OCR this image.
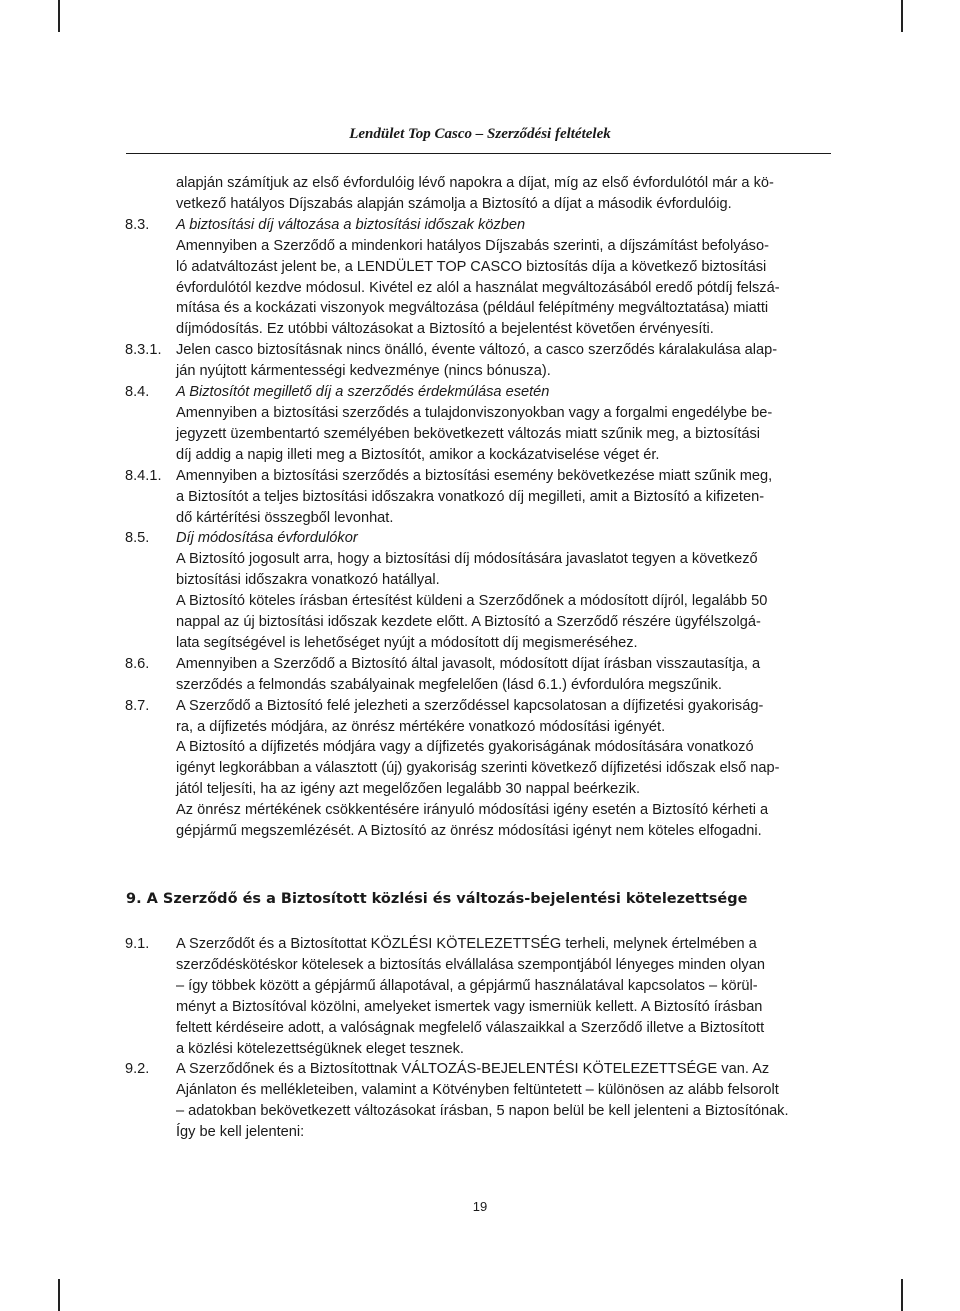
Lendület Top Casco – Szerződési feltételek
alapján számítjuk az első évfordulóig lévő napokra a díjat, míg az első évfordulótól már a kö-
vetkező hatályos Díjszabás alapján számolja a Biztosító a díjat a második évfordulóig.
8.3. A biztosítási díj változása a biztosítási időszak közben
Amennyiben a Szerződő a mindenkori hatályos Díjszabás szerinti, a díjszámítást befolyáso-
ló adatváltozást jelent be, a LENDÜLET TOP CASCO biztosítás díja a következő biztosítási
évfordulótól kezdve módosul. Kivétel ez alól a használat megváltozásából eredő pótdíj felszá-
mítása és a kockázati viszonyok megváltozása (például felépítmény megváltoztatása) miatti
díjmódosítás. Ez utóbbi változásokat a Biztosító a bejelentést követően érvényesíti.
8.3.1. Jelen casco biztosításnak nincs önálló, évente változó, a casco szerződés káralakulása alap-
ján nyújtott kármentességi kedvezménye (nincs bónusza).
8.4. A Biztosítót megillető díj a szerződés érdekmúlása esetén
Amennyiben a biztosítási szerződés a tulajdonviszonyokban vagy a forgalmi engedélybe be-
jegyzett üzembentartó személyében bekövetkezett változás miatt szűnik meg, a biztosítási
díj addig a napig illeti meg a Biztosítót, amikor a kockázatviselése véget ér.
8.4.1. Amennyiben a biztosítási szerződés a biztosítási esemény bekövetkezése miatt szűnik meg,
a Biztosítót a teljes biztosítási időszakra vonatkozó díj megilleti, amit a Biztosító a kifizeten-
dő kártérítési összegből levonhat.
8.5. Díj módosítása évfordulókor
A Biztosító jogosult arra, hogy a biztosítási díj módosítására javaslatot tegyen a következő
biztosítási időszakra vonatkozó hatállyal.
A Biztosító köteles írásban értesítést küldeni a Szerződőnek a módosított díjról, legalább 50
nappal az új biztosítási időszak kezdete előtt. A Biztosító a Szerződő részére ügyfélszolgá-
lata segítségével is lehetőséget nyújt a módosított díj megismeréséhez.
8.6. Amennyiben a Szerződő a Biztosító által javasolt, módosított díjat írásban visszautasítja, a
szerződés a felmondás szabályainak megfelelően (lásd 6.1.) évfordulóra megszűnik.
8.7. A Szerződő a Biztosító felé jelezheti a szerződéssel kapcsolatosan a díjfizetési gyakoriság-
ra, a díjfizetés módjára, az önrész mértékére vonatkozó módosítási igényét.
A Biztosító a díjfizetés módjára vagy a díjfizetés gyakoriságának módosítására vonatkozó
igényt legkorábban a választott (új) gyakoriság szerinti következő díjfizetési időszak első nap-
jától teljesíti, ha az igény azt megelőzően legalább 30 nappal beérkezik.
Az önrész mértékének csökkentésére irányuló módosítási igény esetén a Biztosító kérheti a
gépjármű megszemlézését. A Biztosító az önrész módosítási igényt nem köteles elfogadni.
9. A Szerződő és a Biztosított közlési és változás-bejelentési kötelezettsége
9.1. A Szerződőt és a Biztosítottat KÖZLÉSI KÖTELEZETTSÉG terheli, melynek értelmében a
szerződéskötéskor kötelesek a biztosítás elvállalása szempontjából lényeges minden olyan
– így többek között a gépjármű állapotával, a gépjármű használatával kapcsolatos – körül-
ményt a Biztosítóval közölni, amelyeket ismertek vagy ismerniük kellett. A Biztosító írásban
feltett kérdéseire adott, a valóságnak megfelelő válaszaikkal a Szerződő illetve a Biztosított
a közlési kötelezettségüknek eleget tesznek.
9.2. A Szerződőnek és a Biztosítottnak VÁLTOZÁS-BEJELENTÉSI KÖTELEZETTSÉGE van. Az
Ajánlaton és mellékleteiben, valamint a Kötvényben feltüntetett – különösen az alább felsorolt
– adatokban bekövetkezett változásokat írásban, 5 napon belül be kell jelenteni a Biztosítónak.
Így be kell jelenteni:
19
